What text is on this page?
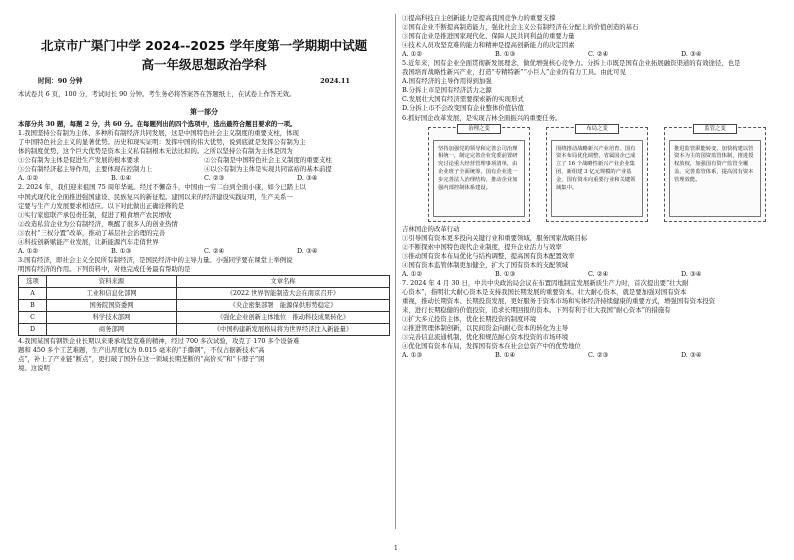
北京市广渠门中学 2024--2025 学年度第一学期期中试题
高一年级思想政治学科
时间：90 分钟	2024.11
本试卷共 6 页，100 分，考试时长 90 分钟。考生务必将答案答在答题纸上，在试卷上作答无效。
第一部分
本部分共 30 题，每题 2 分，共 60 分。在每题列出的四个选项中，选出最符合题目要求的一项。
1.我国坚持公有制为主体、多种所有制经济共同发展，这是中国特色社会主义制度的重要支柱，体现
了中国特色社会主义的显著优势。历史和现实证明：发挥中国的伟大优势，说到底就是发挥公有制为主
体的制度优势，这个巨大优势是资本主义私有制根本无法比拟的。之所以坚持公有制为主体是因为
①公有制为主体是促进生产发展的根本要求	②公有制是中国特色社会主义制度的重要支柱
③公有制经济起主导作用，主要体现在控制力上	④以公有制为主体是实现共同富裕的基本前提
A. ①②	B. ①④	C. ②③	D. ③④
2. 2024 年，我们迎来祖国 75 周年华诞。经过不懈奋斗，中国由一穷二白到全面小康，如今已踏上以
中国式现代化全面推进强国建设、民族复兴的新征程。建国以来的经济建设实践证明，生产关系一
定要与生产力发展要求相适应。以下对此做出正确诠释的是
①实行家庭联产承包责任制，促进了粮食增产农民增收
②改造私营企业为公有制经济，唤醒了很多人的创业热情
③农村“三权分置”改革，推动了基层社会治理的完善
④科技创新赋能产业发展，让新能源汽车走俏世界
A. ①②	B. ①③	C. ②④	D. ③④
3.国有经济，即社会主义全民所有制经济，是国民经济中的主导力量。小强同学要在课堂上举例说
明国有经济的作用。下列资料中，对他完成任务最有帮助的是
选项	资料来源	文章名称
A	工业和信息化部网	《2022 世界智能制造大会在南京召开》
B	国务院国资委网	《央企密集部署　能源保供形势稳定》
C	科学技术部网	《强化企业创新主体地位　推动科技成果转化》
D	商务部网	《中国构建新发展格局将为世界经济注入新能量》
4.我国某国有钢铁企业长期以来秉承攻坚克难的精神，经过 700 多次试验，攻克了 170 多个设备难
题和 450 多个工艺难题，生产出厚度仅为 0.015 毫米的“手撕钢”，不仅占据新技术“高
点”，补上了产业链“断点”，更打破了国外在这一领域长期垄断的“高价买”和“卡脖子”困
境。这说明
①提高科技自主创新能力是提高我国竞争力的重要支撑
②国有企业不断提高制造能力，强化社会主义公有制经济在分配上的价值创造的基石
③国有企业是推进国家现代化、保障人民共同利益的重要力量
④技术人员攻坚克难的能力和精神是提高创新能力的决定因素
A. ①②	B. ①③	C. ②④	D. ③④
5.近年来，国有企业全面贯彻新发展理念，做优增强核心竞争力。分拆上市既是国有企业拓展融资渠道的有效途径，也是
我国培育战略性新兴产业，打造“专精特新”“小巨人”企业的有力工具。由此可见
A.国有经济的主导作用得到加强
B.分拆上市是国有经济活力之源
C.发展壮大国有经济需要探索新的实现形式
D.分拆上市不会改变国有企业整体价值估值
6.抓好国企改革发展，是实现吉林全面振兴的重要任务。
治理之变
坚持加强党的领导和完善公司治理相统一，制定完善企业党委前置研究讨论重大经营管理事项清单，由企业班子全面统筹，国有企业进一步完善法人治理结构，推动企业加强内部控制体系建设。
布局之变
围绕推动战略新兴产业培育、国有资本布局优化调整，省属国企已成立了 16 个战略性新兴产业企业集团，新组建 3 亿元规模的产业基金，国有资本向重要行业和关键领域集中。
监管之变
推进监管职能转变，加快构建以管资本为主的国资监管体制，推进授权放权，加强国有资产监管全覆盖，完善监管体系，提高国有资本管理效能。
吉林国企的改革行动
①引导国有资本更多投向关键行业和重要领域，服务国家战略目标
②不断探索中国特色现代企业制度，提升企业活力与效率
③推动国有资本布局优化与结构调整，提高国有资本配置效率
④国有资本监管体制更加健全，扩大了国有资本的支配领域
A. ①②	B. ①③	C. ②④	D. ③④
7. 2024 年 4 月 30 日，中共中央政治局会议在布置因地制宜发展新质生产力时，首次提出要“壮大耐
心资本”，指明壮大耐心资本是支持我国长期发展的重要资本。壮大耐心资本，就是要加强对国有资本
重视，推动长期资本、长期投资发展，更好服务于资本市场和实体经济持续健康的重要方式，增强国有资本投资
来，进行长期稳健的价值投资，追求长期回报的资本。下列有利于壮大我国“耐心资本”的措施有
①扩大多元投资主体，优化长期投资的制度环境
②推进管理体制创新，以民间资金向耐心资本的转化为主导
③完善信息流通机制，优化和规范耐心资本投资的市场环境
④优化国有资本布局，发挥国有资本在社会总资产中的优势地位
A. ①③	B. ①④	C. ②③	D. ③④
1
